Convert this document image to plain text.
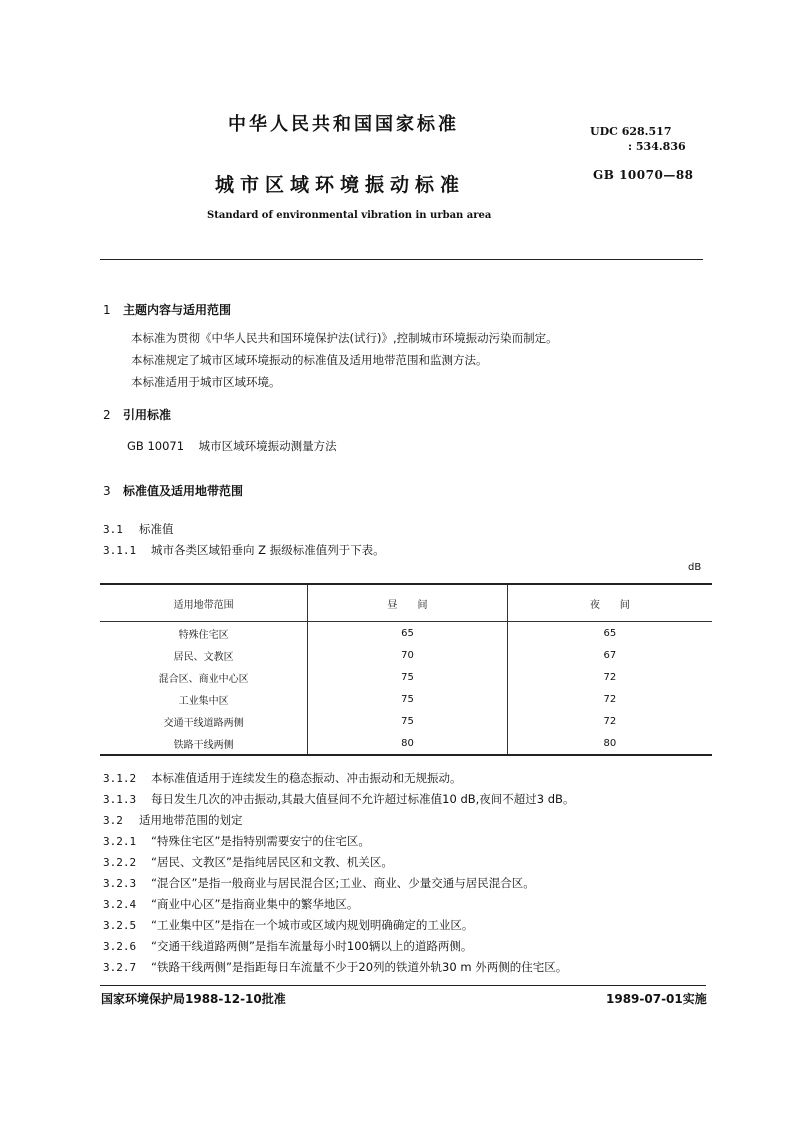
中华人民共和国国家标准
城市区域环境振动标准
Standard of environmental vibration in urban area
UDC 628.517
: 534.836
GB 10070—88
1 主题内容与适用范围
本标准为贯彻《中华人民共和国环境保护法(试行)》,控制城市环境振动污染而制定。
本标准规定了城市区域环境振动的标准值及适用地带范围和监测方法。
本标准适用于城市区域环境。
2 引用标准
GB 10071    城市区域环境振动测量方法
3 标准值及适用地带范围
3.1 标准值
3.1.1 城市各类区域铅垂向 Z 振级标准值列于下表。
dB
适用地带范围	昼　　间	夜　　间
特殊住宅区	65	65
居民、文教区	70	67
混合区、商业中心区	75	72
工业集中区	75	72
交通干线道路两侧	75	72
铁路干线两侧	80	80
3.1.2 本标准值适用于连续发生的稳态振动、冲击振动和无规振动。
3.1.3 每日发生几次的冲击振动,其最大值昼间不允许超过标准值10 dB,夜间不超过3 dB。
3.2 适用地带范围的划定
3.2.1 “特殊住宅区”是指特别需要安宁的住宅区。
3.2.2 “居民、文教区”是指纯居民区和文教、机关区。
3.2.3 “混合区”是指一般商业与居民混合区;工业、商业、少量交通与居民混合区。
3.2.4 “商业中心区”是指商业集中的繁华地区。
3.2.5 “工业集中区”是指在一个城市或区域内规划明确确定的工业区。
3.2.6 “交通干线道路两侧”是指车流量每小时100辆以上的道路两侧。
3.2.7 “铁路干线两侧”是指距每日车流量不少于20列的铁道外轨30 m 外两侧的住宅区。
国家环境保护局1988-12-10批准	1989-07-01实施
